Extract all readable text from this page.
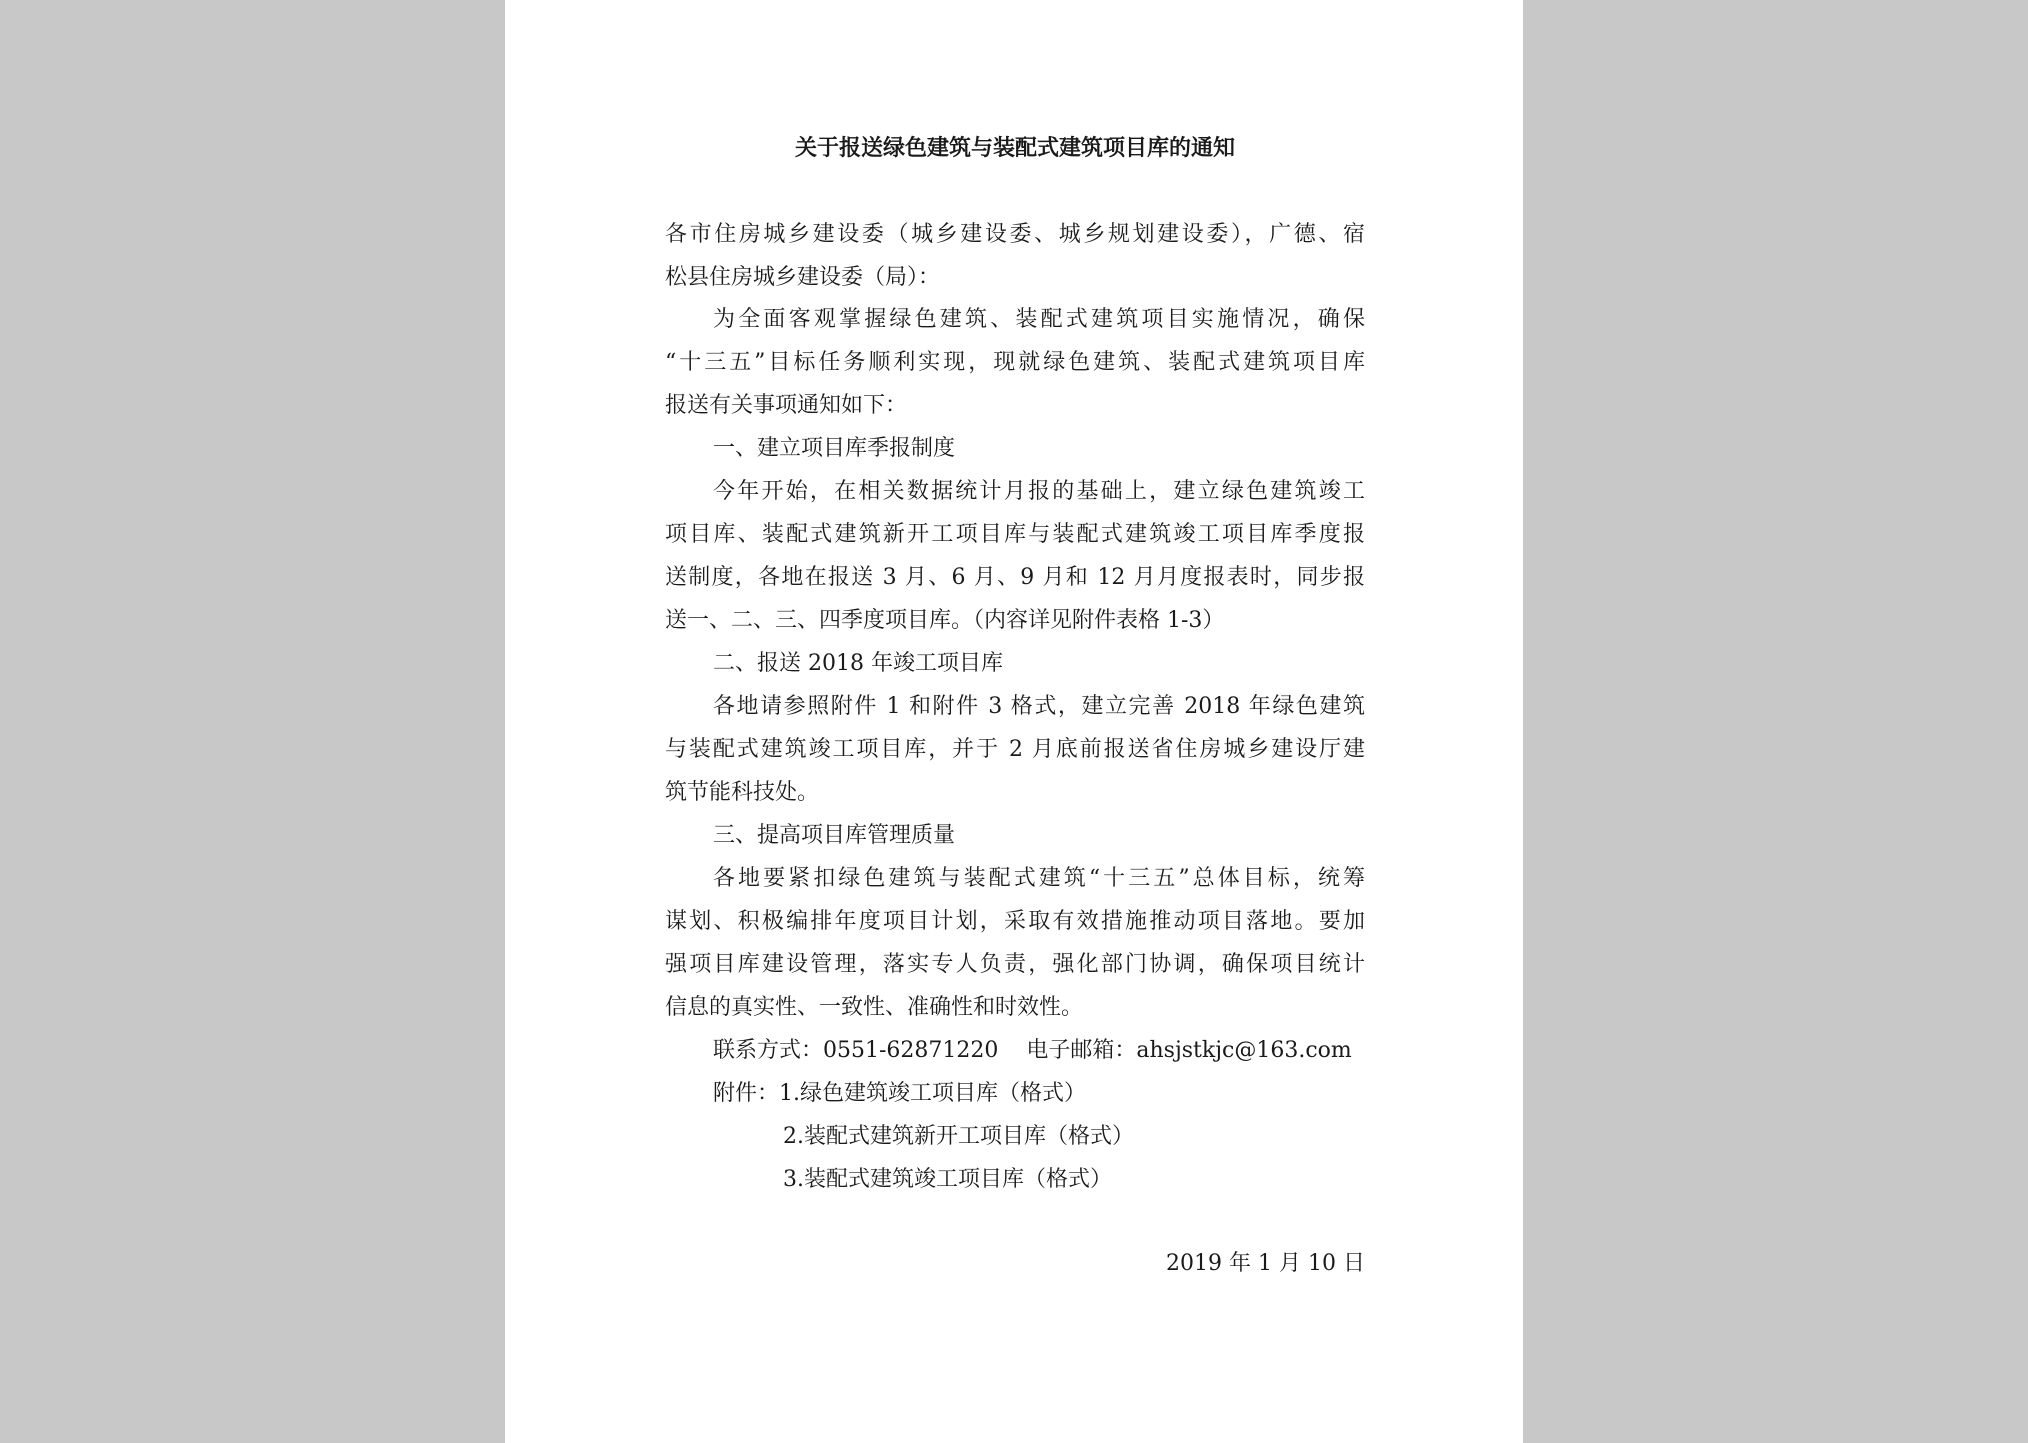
关于报送绿色建筑与装配式建筑项目库的通知
各市住房城乡建设委（城乡建设委、城乡规划建设委），广德、宿
松县住房城乡建设委（局）：
为全面客观掌握绿色建筑、装配式建筑项目实施情况，确保
“十三五”目标任务顺利实现，现就绿色建筑、装配式建筑项目库
报送有关事项通知如下：
一、建立项目库季报制度
今年开始，在相关数据统计月报的基础上，建立绿色建筑竣工
项目库、装配式建筑新开工项目库与装配式建筑竣工项目库季度报
送制度，各地在报送 3 月、6 月、9 月和 12 月月度报表时，同步报
送一、二、三、四季度项目库。（内容详见附件表格 1-3）
二、报送 2018 年竣工项目库
各地请参照附件 1 和附件 3 格式，建立完善 2018 年绿色建筑
与装配式建筑竣工项目库，并于 2 月底前报送省住房城乡建设厅建
筑节能科技处。
三、提高项目库管理质量
各地要紧扣绿色建筑与装配式建筑“十三五”总体目标，统筹
谋划、积极编排年度项目计划，采取有效措施推动项目落地。要加
强项目库建设管理，落实专人负责，强化部门协调，确保项目统计
信息的真实性、一致性、准确性和时效性。
联系方式：0551-62871220    电子邮箱：ahsjstkjc@163.com
附件：1.绿色建筑竣工项目库（格式）
2.装配式建筑新开工项目库（格式）
3.装配式建筑竣工项目库（格式）
2019 年 1 月 10 日
